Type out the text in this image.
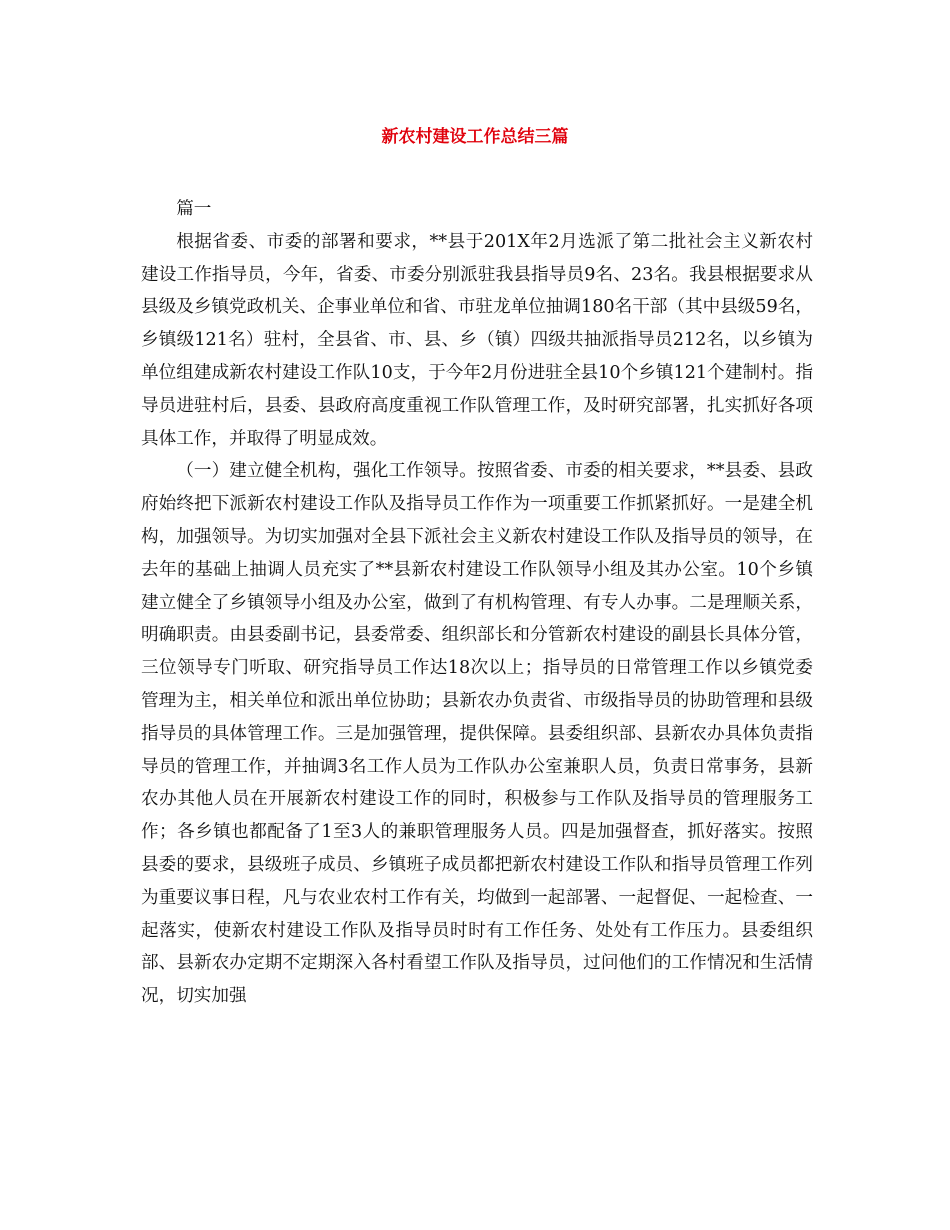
新农村建设工作总结三篇

篇一

根据省委、市委的部署和要求，**县于201X年2月选派了第二批社会主义新农村建设工作指导员，今年，省委、市委分别派驻我县指导员9名、23名。我县根据要求从县级及乡镇党政机关、企事业单位和省、市驻龙单位抽调180名干部（其中县级59名，乡镇级121名）驻村，全县省、市、县、乡（镇）四级共抽派指导员212名，以乡镇为单位组建成新农村建设工作队10支，于今年2月份进驻全县10个乡镇121个建制村。指导员进驻村后，县委、县政府高度重视工作队管理工作，及时研究部署，扎实抓好各项具体工作，并取得了明显成效。

（一）建立健全机构，强化工作领导。按照省委、市委的相关要求，**县委、县政府始终把下派新农村建设工作队及指导员工作作为一项重要工作抓紧抓好。一是建全机构，加强领导。为切实加强对全县下派社会主义新农村建设工作队及指导员的领导，在去年的基础上抽调人员充实了**县新农村建设工作队领导小组及其办公室。10个乡镇建立健全了乡镇领导小组及办公室，做到了有机构管理、有专人办事。二是理顺关系，明确职责。由县委副书记，县委常委、组织部长和分管新农村建设的副县长具体分管，三位领导专门听取、研究指导员工作达18次以上；指导员的日常管理工作以乡镇党委管理为主，相关单位和派出单位协助；县新农办负责省、市级指导员的协助管理和县级指导员的具体管理工作。三是加强管理，提供保障。县委组织部、县新农办具体负责指导员的管理工作，并抽调3名工作人员为工作队办公室兼职人员，负责日常事务，县新农办其他人员在开展新农村建设工作的同时，积极参与工作队及指导员的管理服务工作；各乡镇也都配备了1至3人的兼职管理服务人员。四是加强督查，抓好落实。按照县委的要求，县级班子成员、乡镇班子成员都把新农村建设工作队和指导员管理工作列为重要议事日程，凡与农业农村工作有关，均做到一起部署、一起督促、一起检查、一起落实，使新农村建设工作队及指导员时时有工作任务、处处有工作压力。县委组织部、县新农办定期不定期深入各村看望工作队及指导员，过问他们的工作情况和生活情况，切实加强
